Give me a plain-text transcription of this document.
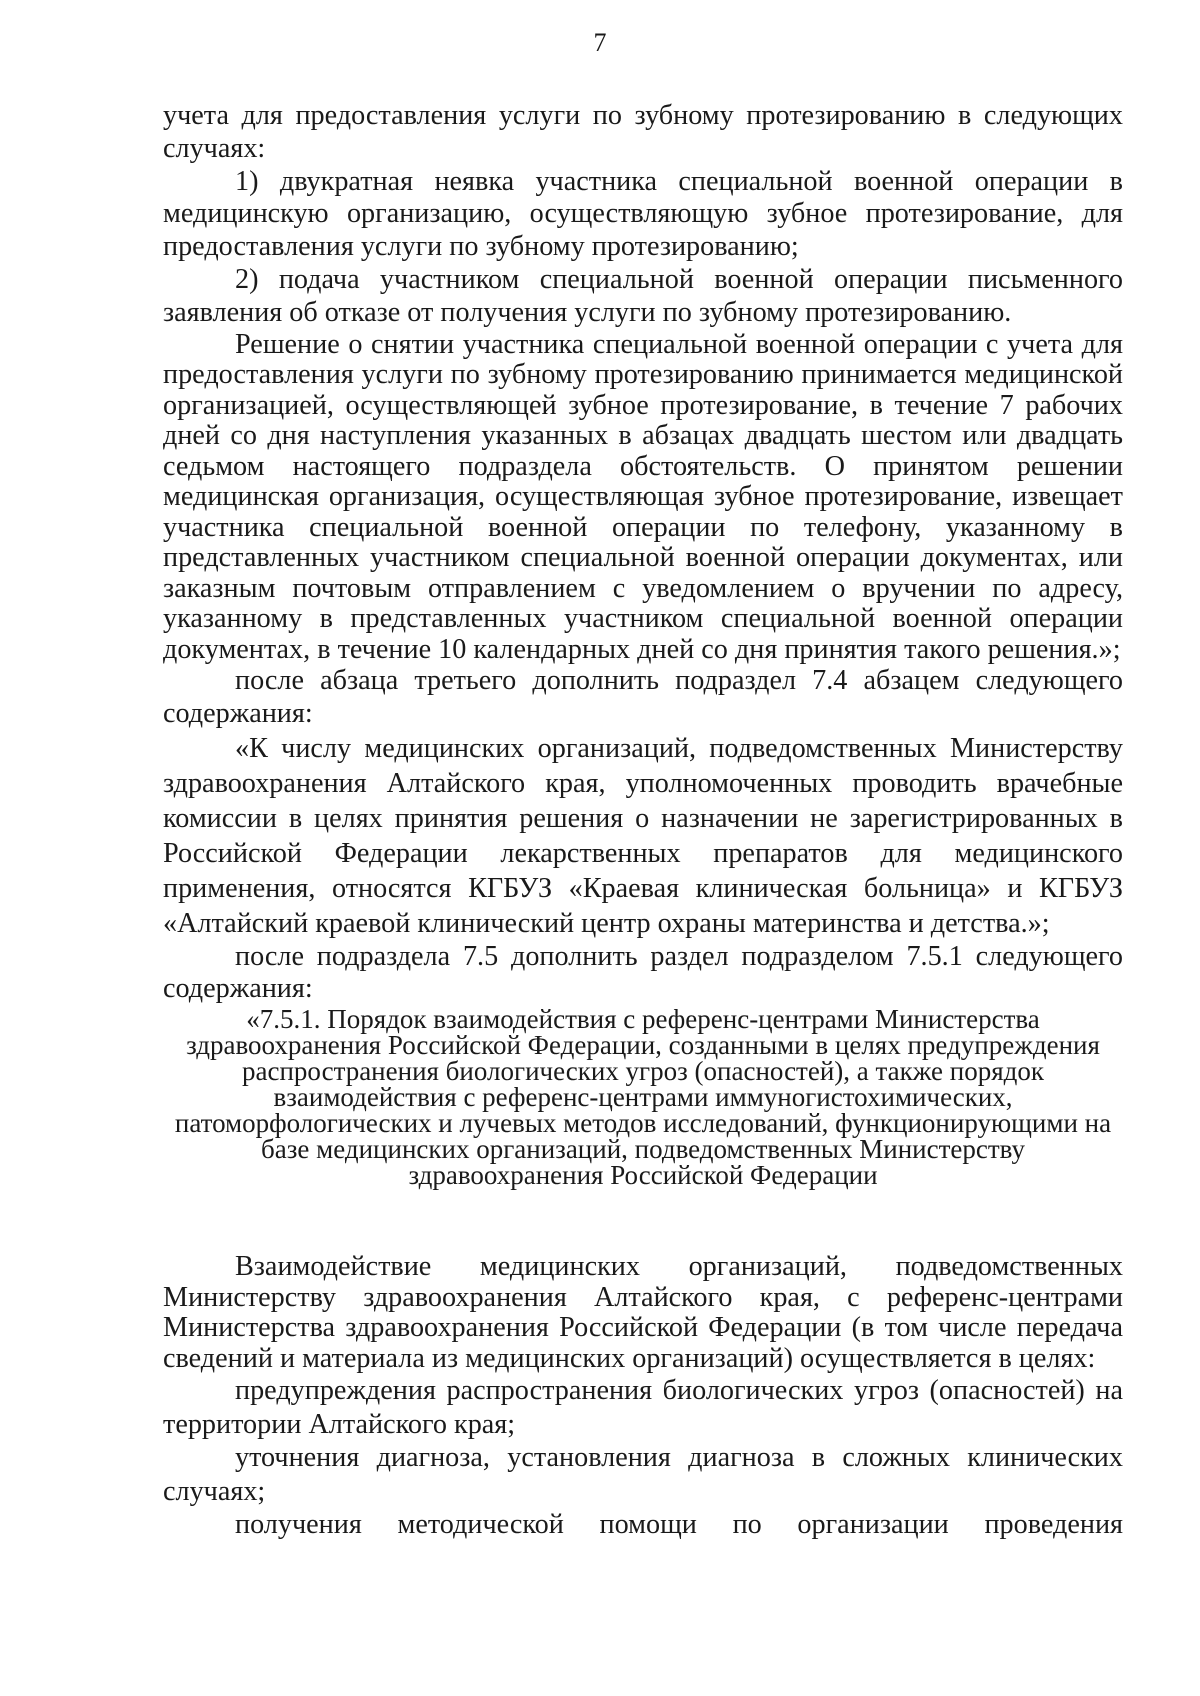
7

учета для предоставления услуги по зубному протезированию в следующих случаях:

1) двукратная неявка участника специальной военной операции в медицинскую организацию, осуществляющую зубное протезирование, для предоставления услуги по зубному протезированию;

2) подача участником специальной военной операции письменного заявления об отказе от получения услуги по зубному протезированию.

Решение о снятии участника специальной военной операции с учета для предоставления услуги по зубному протезированию принимается медицинской организацией, осуществляющей зубное протезирование, в течение 7 рабочих дней со дня наступления указанных в абзацах двадцать шестом или двадцать седьмом настоящего подраздела обстоятельств. О принятом решении медицинская организация, осуществляющая зубное протезирование, извещает участника специальной военной операции по телефону, указанному в представленных участником специальной военной операции документах, или заказным почтовым отправлением с уведомлением о вручении по адресу, указанному в представленных участником специальной военной операции документах, в течение 10 календарных дней со дня принятия такого решения.»;

после абзаца третьего дополнить подраздел 7.4 абзацем следующего содержания:

«К числу медицинских организаций, подведомственных Министерству здравоохранения Алтайского края, уполномоченных проводить врачебные комиссии в целях принятия решения о назначении не зарегистрированных в Российской Федерации лекарственных препаратов для медицинского применения, относятся КГБУЗ «Краевая клиническая больница» и КГБУЗ «Алтайский краевой клинический центр охраны материнства и детства.»;

после подраздела 7.5 дополнить раздел подразделом 7.5.1 следующего содержания:

«7.5.1. Порядок взаимодействия с референс-центрами Министерства здравоохранения Российской Федерации, созданными в целях предупреждения распространения биологических угроз (опасностей), а также порядок взаимодействия с референс-центрами иммуногистохимических, патоморфологических и лучевых методов исследований, функционирующими на базе медицинских организаций, подведомственных Министерству здравоохранения Российской Федерации

Взаимодействие медицинских организаций, подведомственных Министерству здравоохранения Алтайского края, с референс-центрами Министерства здравоохранения Российской Федерации (в том числе передача сведений и материала из медицинских организаций) осуществляется в целях:

предупреждения распространения биологических угроз (опасностей) на территории Алтайского края;

уточнения диагноза, установления диагноза в сложных клинических случаях;

получения методической помощи по организации проведения
